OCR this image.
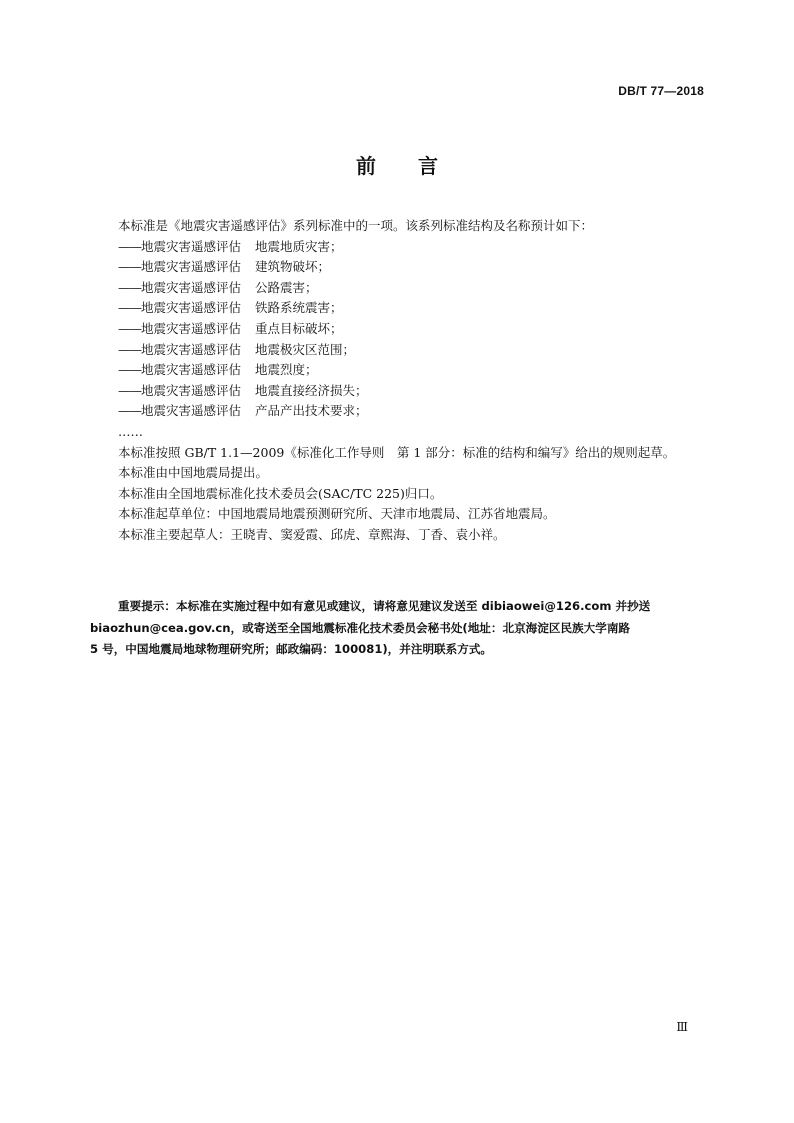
DB/T 77—2018
前 言
本标准是《地震灾害遥感评估》系列标准中的一项。该系列标准结构及名称预计如下：
——地震灾害遥感评估 地震地质灾害；
——地震灾害遥感评估 建筑物破坏；
——地震灾害遥感评估 公路震害；
——地震灾害遥感评估 铁路系统震害；
——地震灾害遥感评估 重点目标破坏；
——地震灾害遥感评估 地震极灾区范围；
——地震灾害遥感评估 地震烈度；
——地震灾害遥感评估 地震直接经济损失；
——地震灾害遥感评估 产品产出技术要求；
……
本标准按照 GB/T 1.1—2009《标准化工作导则　第 1 部分：标准的结构和编写》给出的规则起草。
本标准由中国地震局提出。
本标准由全国地震标准化技术委员会(SAC/TC 225)归口。
本标准起草单位：中国地震局地震预测研究所、天津市地震局、江苏省地震局。
本标准主要起草人：王晓青、窦爱霞、邱虎、章熙海、丁香、袁小祥。
重要提示：本标准在实施过程中如有意见或建议，请将意见建议发送至 dibiaowei@126.com 并抄送
biaozhun@cea.gov.cn，或寄送至全国地震标准化技术委员会秘书处(地址：北京海淀区民族大学南路
5 号，中国地震局地球物理研究所；邮政编码：100081)，并注明联系方式。
Ⅲ
